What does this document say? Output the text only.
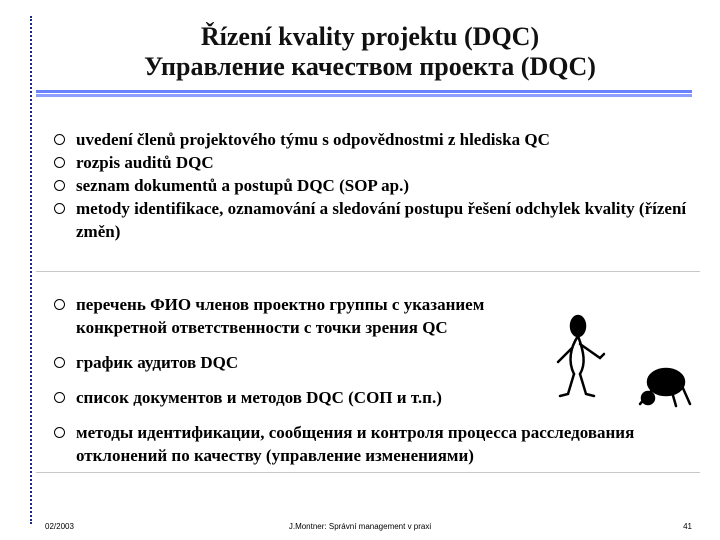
Řízení kvality projektu (DQC)
Управление качеством проекта (DQC)
uvedení členů projektového týmu s odpovědnostmi z hlediska QC
rozpis auditů DQC
seznam dokumentů a postupů DQC (SOP ap.)
metody identifikace, oznamování a sledování postupu řešení odchylek kvality (řízení změn)
перечень ФИО членов проектно группы с указанием конкретной ответственности с точки зрения QC
график аудитов DQC
список документов и методов DQC (СОП и т.п.)
методы идентификации, сообщения и контроля процесса расследования отклонений по качеству (управление изменениями)
02/2003	J.Montner: Správní management v praxi	41
